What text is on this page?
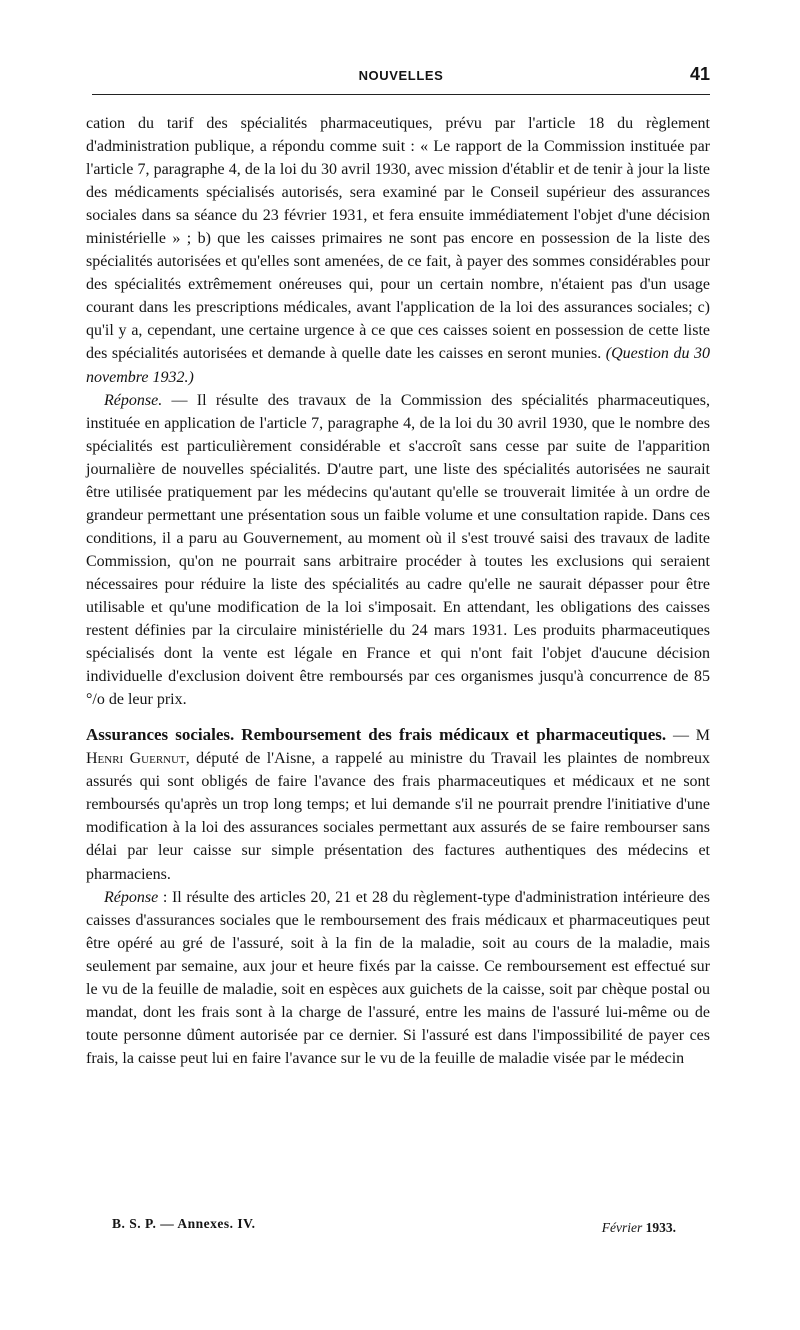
NOUVELLES	41

cation du tarif des spécialités pharmaceutiques, prévu par l'article 18 du règlement d'administration publique, a répondu comme suit : « Le rapport de la Commission instituée par l'article 7, paragraphe 4, de la loi du 30 avril 1930, avec mission d'établir et de tenir à jour la liste des médicaments spécialisés autorisés, sera examiné par le Conseil supérieur des assurances sociales dans sa séance du 23 février 1931, et fera ensuite immédiatement l'objet d'une décision ministérielle » ; b) que les caisses primaires ne sont pas encore en possession de la liste des spécialités autorisées et qu'elles sont amenées, de ce fait, à payer des sommes considérables pour des spécialités extrêmement onéreuses qui, pour un certain nombre, n'étaient pas d'un usage courant dans les prescriptions médicales, avant l'application de la loi des assurances sociales; c) qu'il y a, cependant, une certaine urgence à ce que ces caisses soient en possession de cette liste des spécialités autorisées et demande à quelle date les caisses en seront munies. (Question du 30 novembre 1932.)

Réponse. — Il résulte des travaux de la Commission des spécialités pharmaceutiques, instituée en application de l'article 7, paragraphe 4, de la loi du 30 avril 1930, que le nombre des spécialités est particulièrement considérable et s'accroît sans cesse par suite de l'apparition journalière de nouvelles spécialités. D'autre part, une liste des spécialités autorisées ne saurait être utilisée pratiquement par les médecins qu'autant qu'elle se trouverait limitée à un ordre de grandeur permettant une présentation sous un faible volume et une consultation rapide. Dans ces conditions, il a paru au Gouvernement, au moment où il s'est trouvé saisi des travaux de ladite Commission, qu'on ne pourrait sans arbitraire procéder à toutes les exclusions qui seraient nécessaires pour réduire la liste des spécialités au cadre qu'elle ne saurait dépasser pour être utilisable et qu'une modification de la loi s'imposait. En attendant, les obligations des caisses restent définies par la circulaire ministérielle du 24 mars 1931. Les produits pharmaceutiques spécialisés dont la vente est légale en France et qui n'ont fait l'objet d'aucune décision individuelle d'exclusion doivent être remboursés par ces organismes jusqu'à concurrence de 85 °/o de leur prix.

Assurances sociales. Remboursement des frais médicaux et pharmaceutiques. — M Henri Guernut, député de l'Aisne, a rappelé au ministre du Travail les plaintes de nombreux assurés qui sont obligés de faire l'avance des frais pharmaceutiques et médicaux et ne sont remboursés qu'après un trop long temps; et lui demande s'il ne pourrait prendre l'initiative d'une modification à la loi des assurances sociales permettant aux assurés de se faire rembourser sans délai par leur caisse sur simple présentation des factures authentiques des médecins et pharmaciens.

Réponse : Il résulte des articles 20, 21 et 28 du règlement-type d'administration intérieure des caisses d'assurances sociales que le remboursement des frais médicaux et pharmaceutiques peut être opéré au gré de l'assuré, soit à la fin de la maladie, soit au cours de la maladie, mais seulement par semaine, aux jour et heure fixés par la caisse. Ce remboursement est effectué sur le vu de la feuille de maladie, soit en espèces aux guichets de la caisse, soit par chèque postal ou mandat, dont les frais sont à la charge de l'assuré, entre les mains de l'assuré lui-même ou de toute personne dûment autorisée par ce dernier. Si l'assuré est dans l'impossibilité de payer ces frais, la caisse peut lui en faire l'avance sur le vu de la feuille de maladie visée par le médecin

B. S. P. — Annexes. IV.	Février 1933.
